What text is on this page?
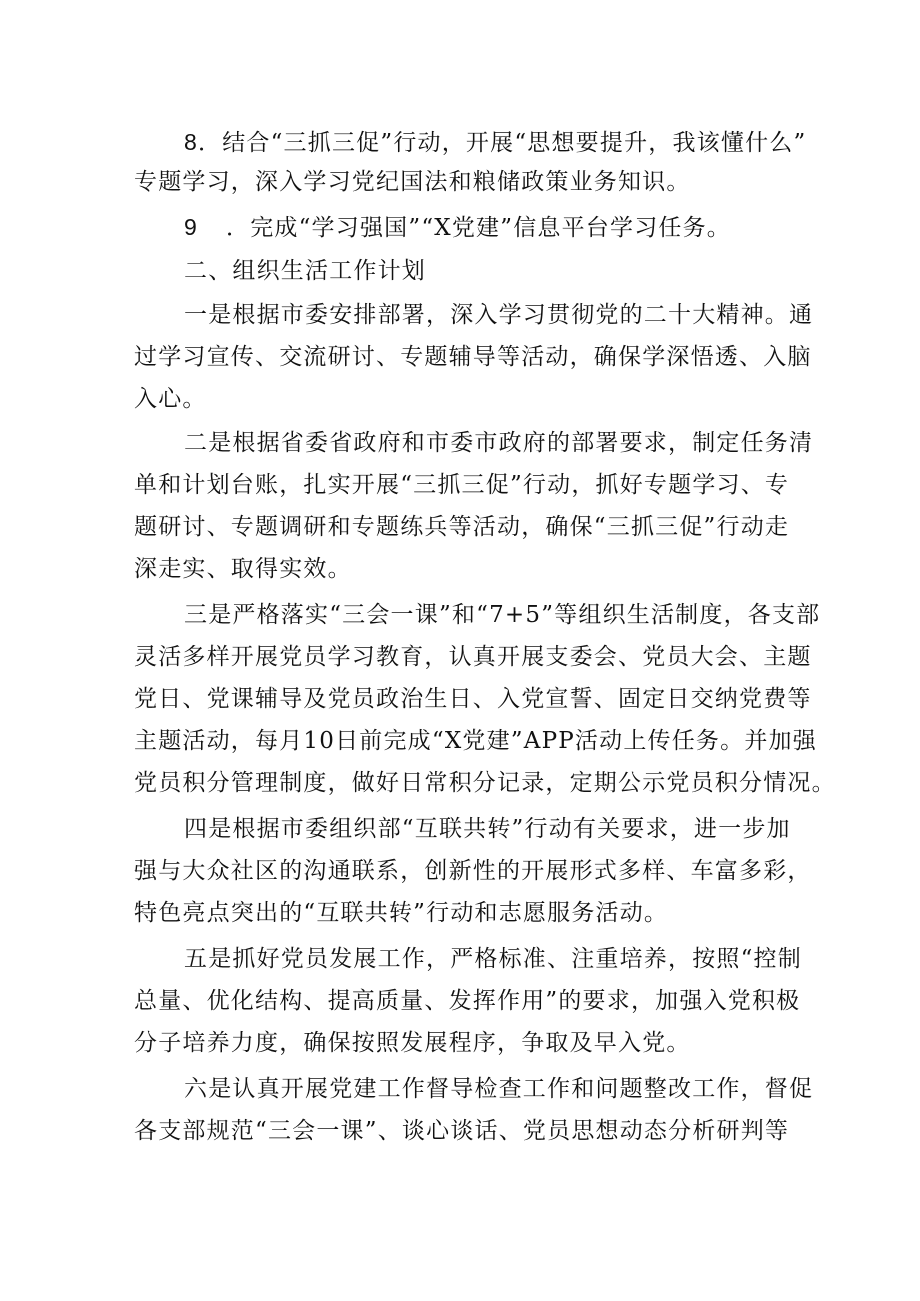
8．结合“三抓三促”行动，开展“思想要提升，我该懂什么”
专题学习，深入学习党纪国法和粮储政策业务知识。
9 ．完成“学习强国”“X党建”信息平台学习任务。
二、组织生活工作计划
一是根据市委安排部署，深入学习贯彻党的二十大精神。通
过学习宣传、交流研讨、专题辅导等活动，确保学深悟透、入脑
入心。
二是根据省委省政府和市委市政府的部署要求，制定任务清
单和计划台账，扎实开展“三抓三促”行动，抓好专题学习、专
题研讨、专题调研和专题练兵等活动，确保“三抓三促”行动走
深走实、取得实效。
三是严格落实“三会一课”和“7+5”等组织生活制度，各支部
灵活多样开展党员学习教育，认真开展支委会、党员大会、主题
党日、党课辅导及党员政治生日、入党宣誓、固定日交纳党费等
主题活动，每月10日前完成“X党建”APP活动上传任务。并加强
党员积分管理制度，做好日常积分记录，定期公示党员积分情况。
四是根据市委组织部“互联共转”行动有关要求，进一步加
强与大众社区的沟通联系，创新性的开展形式多样、车富多彩，
特色亮点突出的“互联共转”行动和志愿服务活动。
五是抓好党员发展工作，严格标准、注重培养，按照“控制
总量、优化结构、提高质量、发挥作用”的要求，加强入党积极
分子培养力度，确保按照发展程序，争取及早入党。
六是认真开展党建工作督导检查工作和问题整改工作，督促
各支部规范“三会一课”、谈心谈话、党员思想动态分析研判等
